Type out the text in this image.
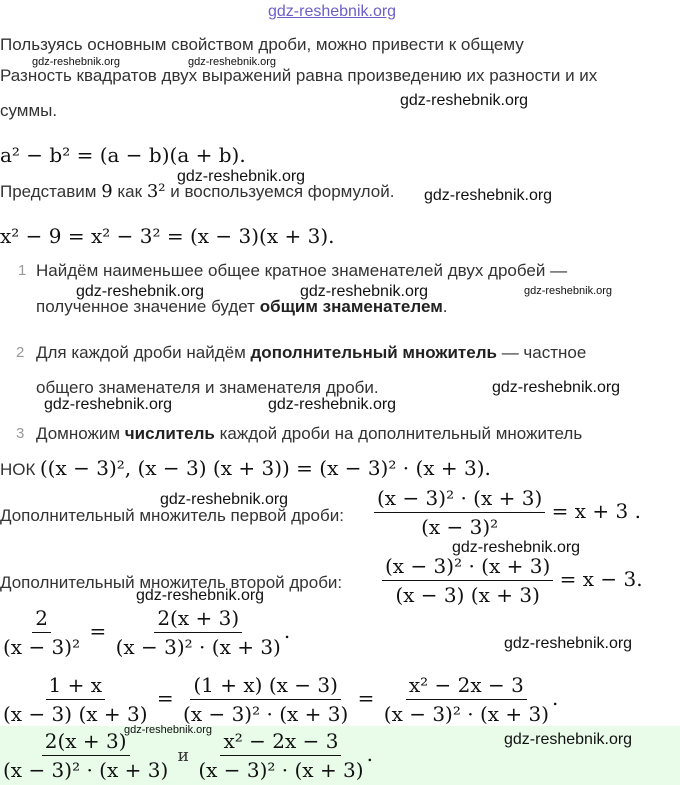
gdz-reshebnik.org
Пользуясь основным свойством дроби, можно привести к общему
gdz-reshebnik.org	gdz-reshebnik.org
Разность квадратов двух выражений равна произведению их разности и их
суммы.
gdz-reshebnik.org
a² − b² = (a − b)(a + b).
Представим 9 как 3² и воспользуемся формулой.
gdz-reshebnik.org
gdz-reshebnik.org
x² − 9 = x² − 3² = (x − 3)(x + 3).
1 Найдём наименьшее общее кратное знаменателей двух дробей —
gdz-reshebnik.org	gdz-reshebnik.org	gdz-reshebnik.org
полученное значение будет общим знаменателем.
2 Для каждой дроби найдём дополнительный множитель — частное
общего знаменателя и знаменателя дроби.	gdz-reshebnik.org
gdz-reshebnik.org	gdz-reshebnik.org
3 Домножим числитель каждой дроби на дополнительный множитель
НОК ((x − 3)², (x − 3) (x + 3)) = (x − 3)² · (x + 3).
gdz-reshebnik.org
Дополнительный множитель первой дроби: $\frac{\text{(x − 3)² · (x + 3)}}{\text{(x − 3)²}} = x + 3$ .
gdz-reshebnik.org
Дополнительный множитель второй дроби: $\frac{\text{(x − 3)² · (x + 3)}}{(x - 3) (x + 3)} = x - 3$.
gdz-reshebnik.org
$\frac{2}{\text{(x − 3)²}} = \frac{2(x + 3)}{\text{(x − 3)² · (x + 3)}}$ .
gdz-reshebnik.org
$\frac{1 + x}{(x - 3) (x + 3)} = \frac{(1 + x) (x - 3)}{\text{(x − 3)² · (x + 3)}} = \frac{\text{x² − 2x − 3}}{\text{(x − 3)² · (x + 3)}}$ .
$\frac{2(x + 3)}{\text{(x − 3)² · (x + 3)}}$ и $\frac{\text{x² − 2x − 3}}{\text{(x − 3)² · (x + 3)}}$ .
gdz-reshebnik.org
gdz-reshebnik.org
